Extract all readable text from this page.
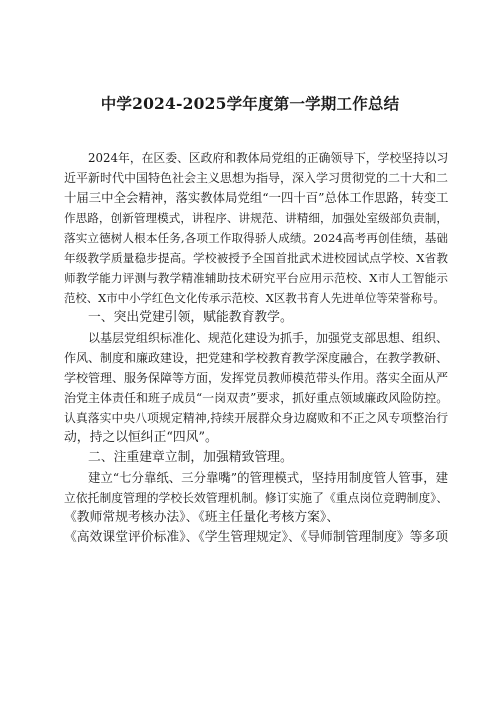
中学2024-2025学年度第一学期工作总结
2024年，在区委、区政府和教体局党组的正确领导下，学校坚持以习
近平新时代中国特色社会主义思想为指导，深入学习贯彻党的二十大和二
十届三中全会精神，落实教体局党组“一四十百”总体工作思路，转变工
作思路，创新管理模式，讲程序、讲规范、讲精细，加强处室级部负责制，
落实立德树人根本任务,各项工作取得骄人成绩。2024高考再创佳绩，基础
年级教学质量稳步提高。学校被授予全国首批武术进校园试点学校、X省教
师教学能力评测与教学精准辅助技术研究平台应用示范校、X市人工智能示
范校、X市中小学红色文化传承示范校、X区教书育人先进单位等荣誉称号。
一、突出党建引领，赋能教育教学。
以基层党组织标准化、规范化建设为抓手，加强党支部思想、组织、
作风、制度和廉政建设，把党建和学校教育教学深度融合，在教学教研、
学校管理、服务保障等方面，发挥党员教师模范带头作用。落实全面从严
治党主体责任和班子成员“一岗双责”要求，抓好重点领域廉政风险防控。
认真落实中央八项规定精神,持续开展群众身边腐败和不正之风专项整治行
动，持之以恒纠正“四风”。
二、注重建章立制，加强精致管理。
建立“七分靠纸、三分靠嘴”的管理模式，坚持用制度管人管事，建
立依托制度管理的学校长效管理机制。修订实施了《重点岗位竞聘制度》、
《教师常规考核办法》、《班主任量化考核方案》、
《高效课堂评价标准》、《学生管理规定》、《导师制管理制度》等多项
